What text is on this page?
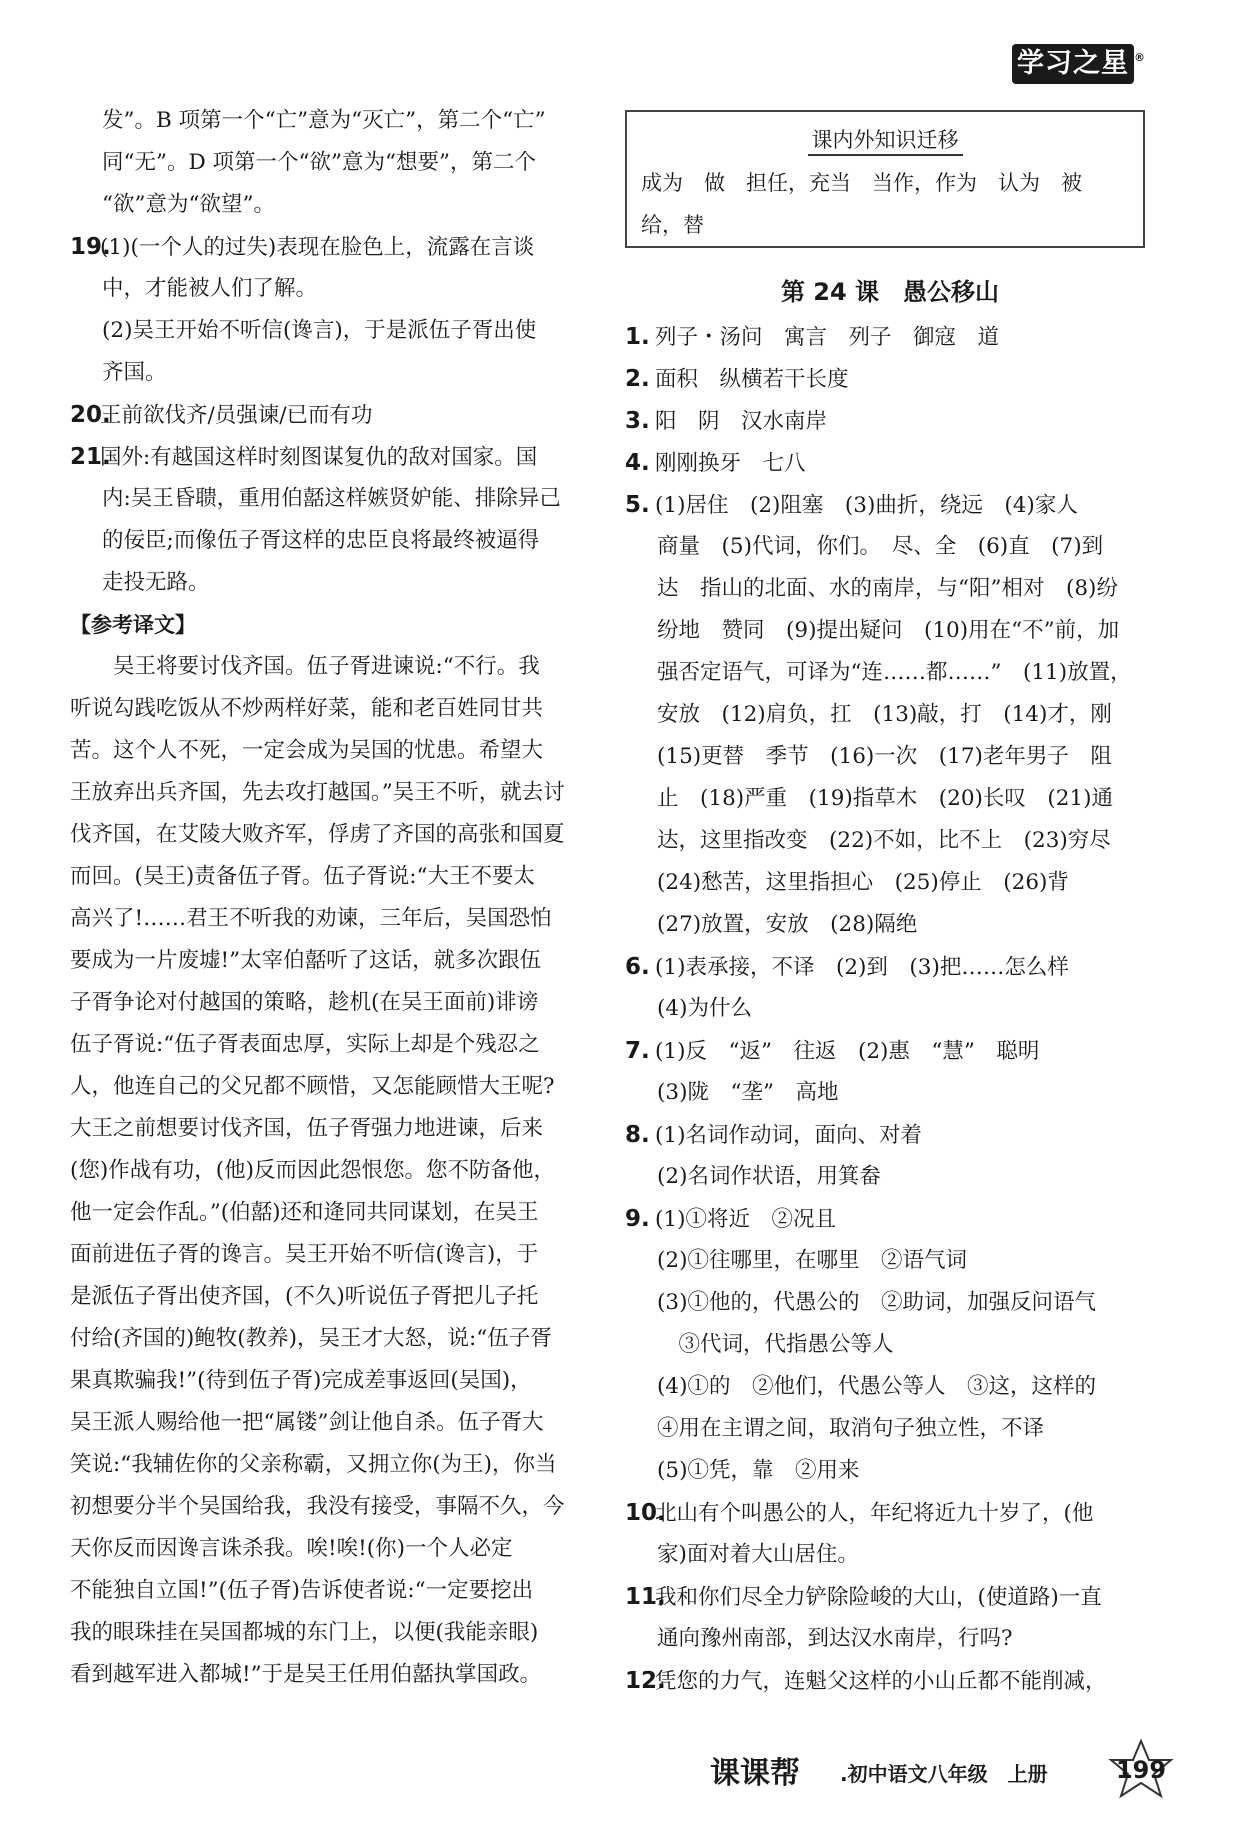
学习之星 ®
发”。B 项第一个“亡”意为“灭亡”，第二个“亡”
同“无”。D 项第一个“欲”意为“想要”，第二个
“欲”意为“欲望”。
19.(1)(一个人的过失)表现在脸色上，流露在言谈
中，才能被人们了解。
(2)吴王开始不听信(谗言)，于是派伍子胥出使
齐国。
20.王前欲伐齐/员强谏/已而有功
21.国外:有越国这样时刻图谋复仇的敌对国家。国
内:吴王昏聩，重用伯嚭这样嫉贤妒能、排除异己
的佞臣;而像伍子胥这样的忠臣良将最终被逼得
走投无路。
【参考译文】
　　吴王将要讨伐齐国。伍子胥进谏说:“不行。我
听说勾践吃饭从不炒两样好菜，能和老百姓同甘共
苦。这个人不死，一定会成为吴国的忧患。希望大
王放弃出兵齐国，先去攻打越国。”吴王不听，就去讨
伐齐国，在艾陵大败齐军，俘虏了齐国的高张和国夏
而回。(吴王)责备伍子胥。伍子胥说:“大王不要太
高兴了!……君王不听我的劝谏，三年后，吴国恐怕
要成为一片废墟!”太宰伯嚭听了这话，就多次跟伍
子胥争论对付越国的策略，趁机(在吴王面前)诽谤
伍子胥说:“伍子胥表面忠厚，实际上却是个残忍之
人，他连自己的父兄都不顾惜，又怎能顾惜大王呢?
大王之前想要讨伐齐国，伍子胥强力地进谏，后来
(您)作战有功，(他)反而因此怨恨您。您不防备他，
他一定会作乱。”(伯嚭)还和逄同共同谋划，在吴王
面前进伍子胥的谗言。吴王开始不听信(谗言)，于
是派伍子胥出使齐国，(不久)听说伍子胥把儿子托
付给(齐国的)鲍牧(教养)，吴王才大怒，说:“伍子胥
果真欺骗我!”(待到伍子胥)完成差事返回(吴国)，
吴王派人赐给他一把“属镂”剑让他自杀。伍子胥大
笑说:“我辅佐你的父亲称霸，又拥立你(为王)，你当
初想要分半个吴国给我，我没有接受，事隔不久，今
天你反而因谗言诛杀我。唉!唉!(你)一个人必定
不能独自立国!”(伍子胥)告诉使者说:“一定要挖出
我的眼珠挂在吴国都城的东门上，以便(我能亲眼)
看到越军进入都城!”于是吴王任用伯嚭执掌国政。
课内外知识迁移
成为　做　担任，充当　当作，作为　认为　被
给，替
第 24 课　愚公移山
1. 列子・汤问　寓言　列子　御寇　道
2. 面积　纵横若干长度
3. 阳　阴　汉水南岸
4. 刚刚换牙　七八
5. (1)居住　(2)阻塞　(3)曲折，绕远　(4)家人
商量　(5)代词，你们。　尽、全　(6)直　(7)到
达　指山的北面、水的南岸，与“阳”相对　(8)纷
纷地　赞同　(9)提出疑问　(10)用在“不”前，加
强否定语气，可译为“连……都……”　(11)放置，
安放　(12)肩负，扛　(13)敲，打　(14)才，刚
(15)更替　季节　(16)一次　(17)老年男子　阻
止　(18)严重　(19)指草木　(20)长叹　(21)通
达，这里指改变　(22)不如，比不上　(23)穷尽
(24)愁苦，这里指担心　(25)停止　(26)背
(27)放置，安放　(28)隔绝
6. (1)表承接，不译　(2)到　(3)把……怎么样
(4)为什么
7. (1)反　“返”　往返　(2)惠　“慧”　聪明
(3)陇　“垄”　高地
8. (1)名词作动词，面向、对着
(2)名词作状语，用箕畚
9. (1)①将近　②况且
(2)①往哪里，在哪里　②语气词
(3)①他的，代愚公的　②助词，加强反问语气
　③代词，代指愚公等人
(4)①的　②他们，代愚公等人　③这，这样的
④用在主谓之间，取消句子独立性，不译
(5)①凭，靠　②用来
10.北山有个叫愚公的人，年纪将近九十岁了，(他
家)面对着大山居住。
11.我和你们尽全力铲除险峻的大山，(使道路)一直
通向豫州南部，到达汉水南岸，行吗?
12.凭您的力气，连魁父这样的小山丘都不能削减，
课课帮 .初中语文八年级　上册	199
